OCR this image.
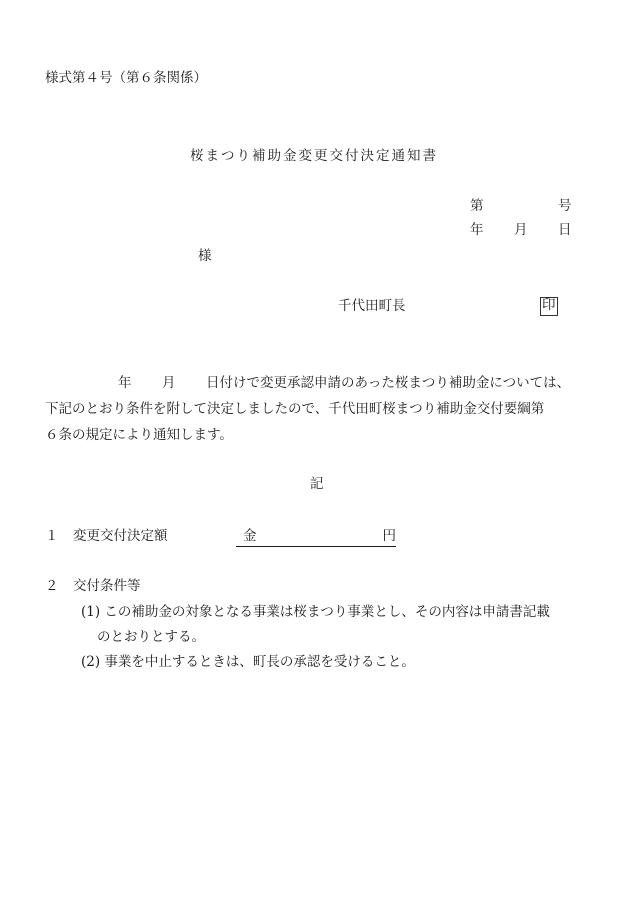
様式第４号（第６条関係）
桜まつり補助金変更交付決定通知書
第	号
年 月 日
様
千代田町長	印
年 月 日付けで変更承認申請のあった桜まつり補助金については、
下記のとおり条件を附して決定しましたので、千代田町桜まつり補助金交付要綱第
６条の規定により通知します。
記
１ 変更交付決定額	金	円
２ 交付条件等
(1) この補助金の対象となる事業は桜まつり事業とし、その内容は申請書記載
のとおりとする。
(2) 事業を中止するときは、町長の承認を受けること。
